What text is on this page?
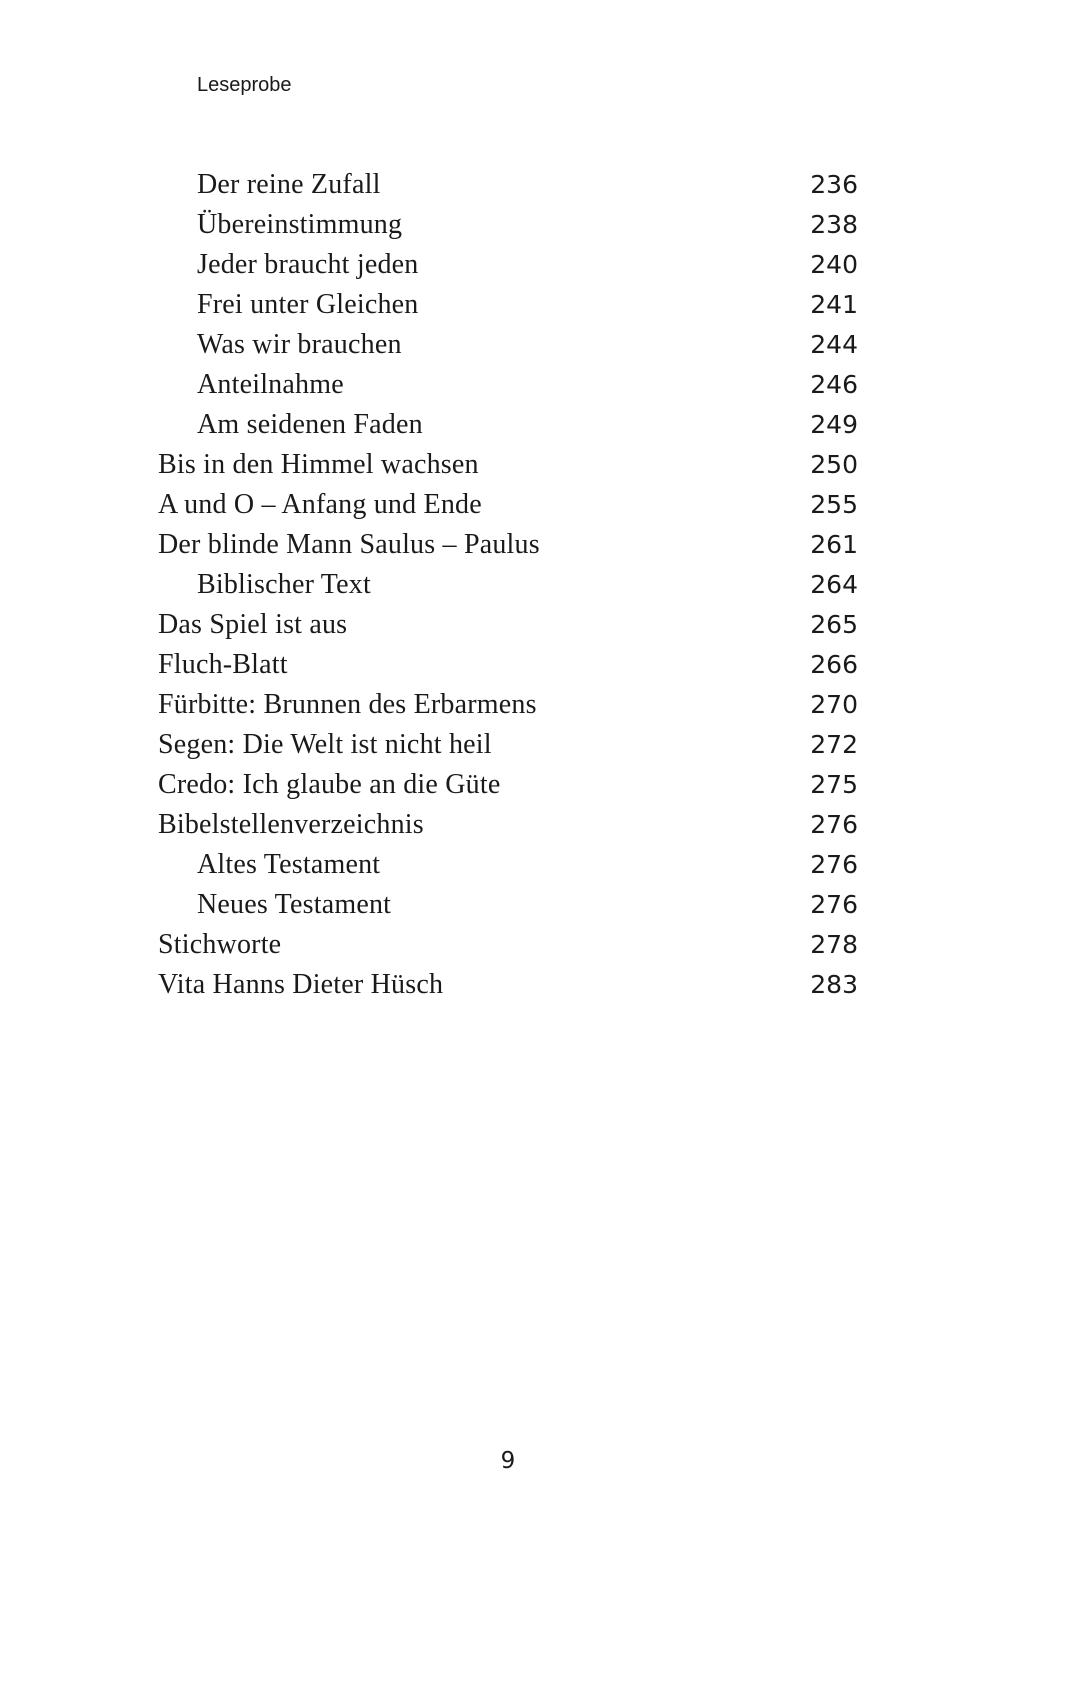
Leseprobe
Der reine Zufall	236
Übereinstimmung	238
Jeder braucht jeden	240
Frei unter Gleichen	241
Was wir brauchen	244
Anteilnahme	246
Am seidenen Faden	249
Bis in den Himmel wachsen	250
A und O – Anfang und Ende	255
Der blinde Mann Saulus – Paulus	261
Biblischer Text	264
Das Spiel ist aus	265
Fluch-Blatt	266
Fürbitte: Brunnen des Erbarmens	270
Segen: Die Welt ist nicht heil	272
Credo: Ich glaube an die Güte	275
Bibelstellenverzeichnis	276
Altes Testament	276
Neues Testament	276
Stichworte	278
Vita Hanns Dieter Hüsch	283
9
